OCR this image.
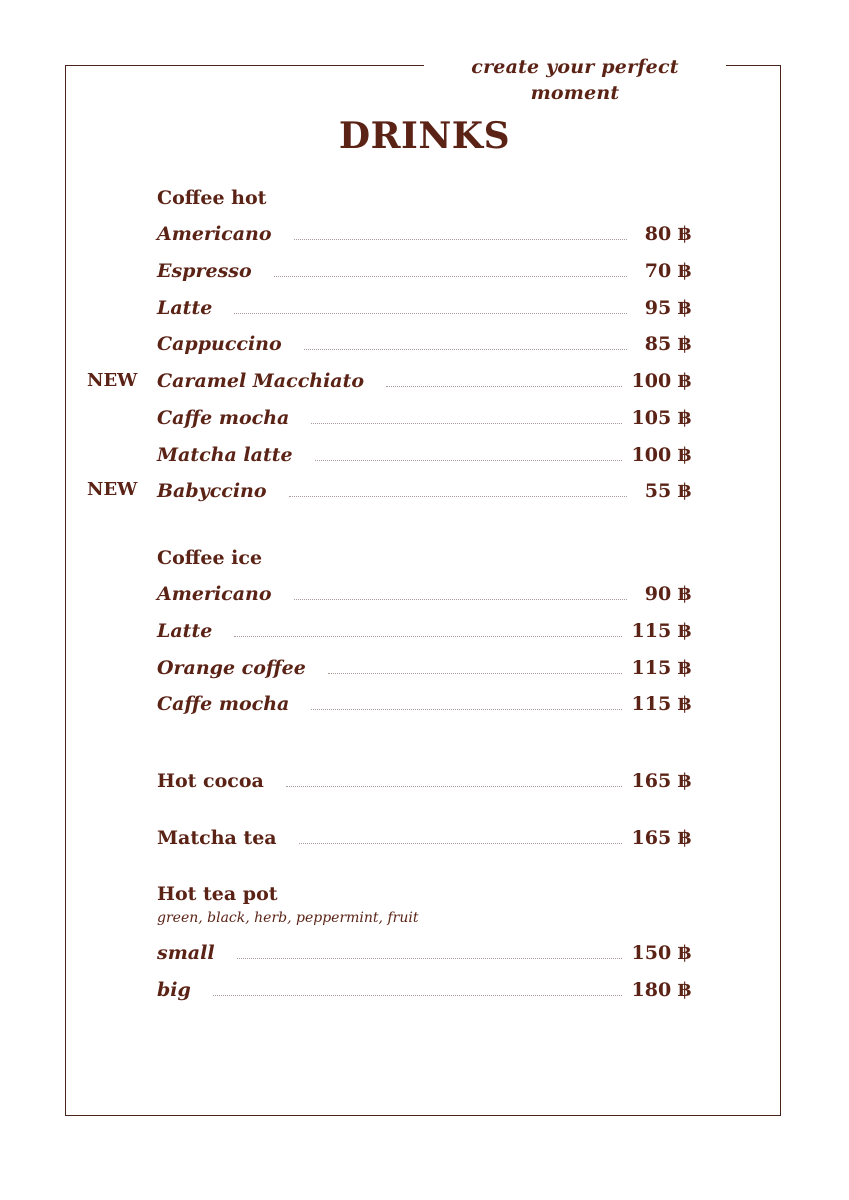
create your perfect moment
DRINKS
Coffee hot
Americano	80 ฿
Espresso	70 ฿
Latte	95 ฿
Cappuccino	85 ฿
NEW Caramel Macchiato	100 ฿
Caffe mocha	105 ฿
Matcha latte	100 ฿
NEW Babyccino	55 ฿
Coffee ice
Americano	90 ฿
Latte	115 ฿
Orange coffee	115 ฿
Caffe mocha	115 ฿
Hot cocoa	165 ฿
Matcha tea	165 ฿
Hot tea pot
green, black, herb, peppermint, fruit
small	150 ฿
big	180 ฿
